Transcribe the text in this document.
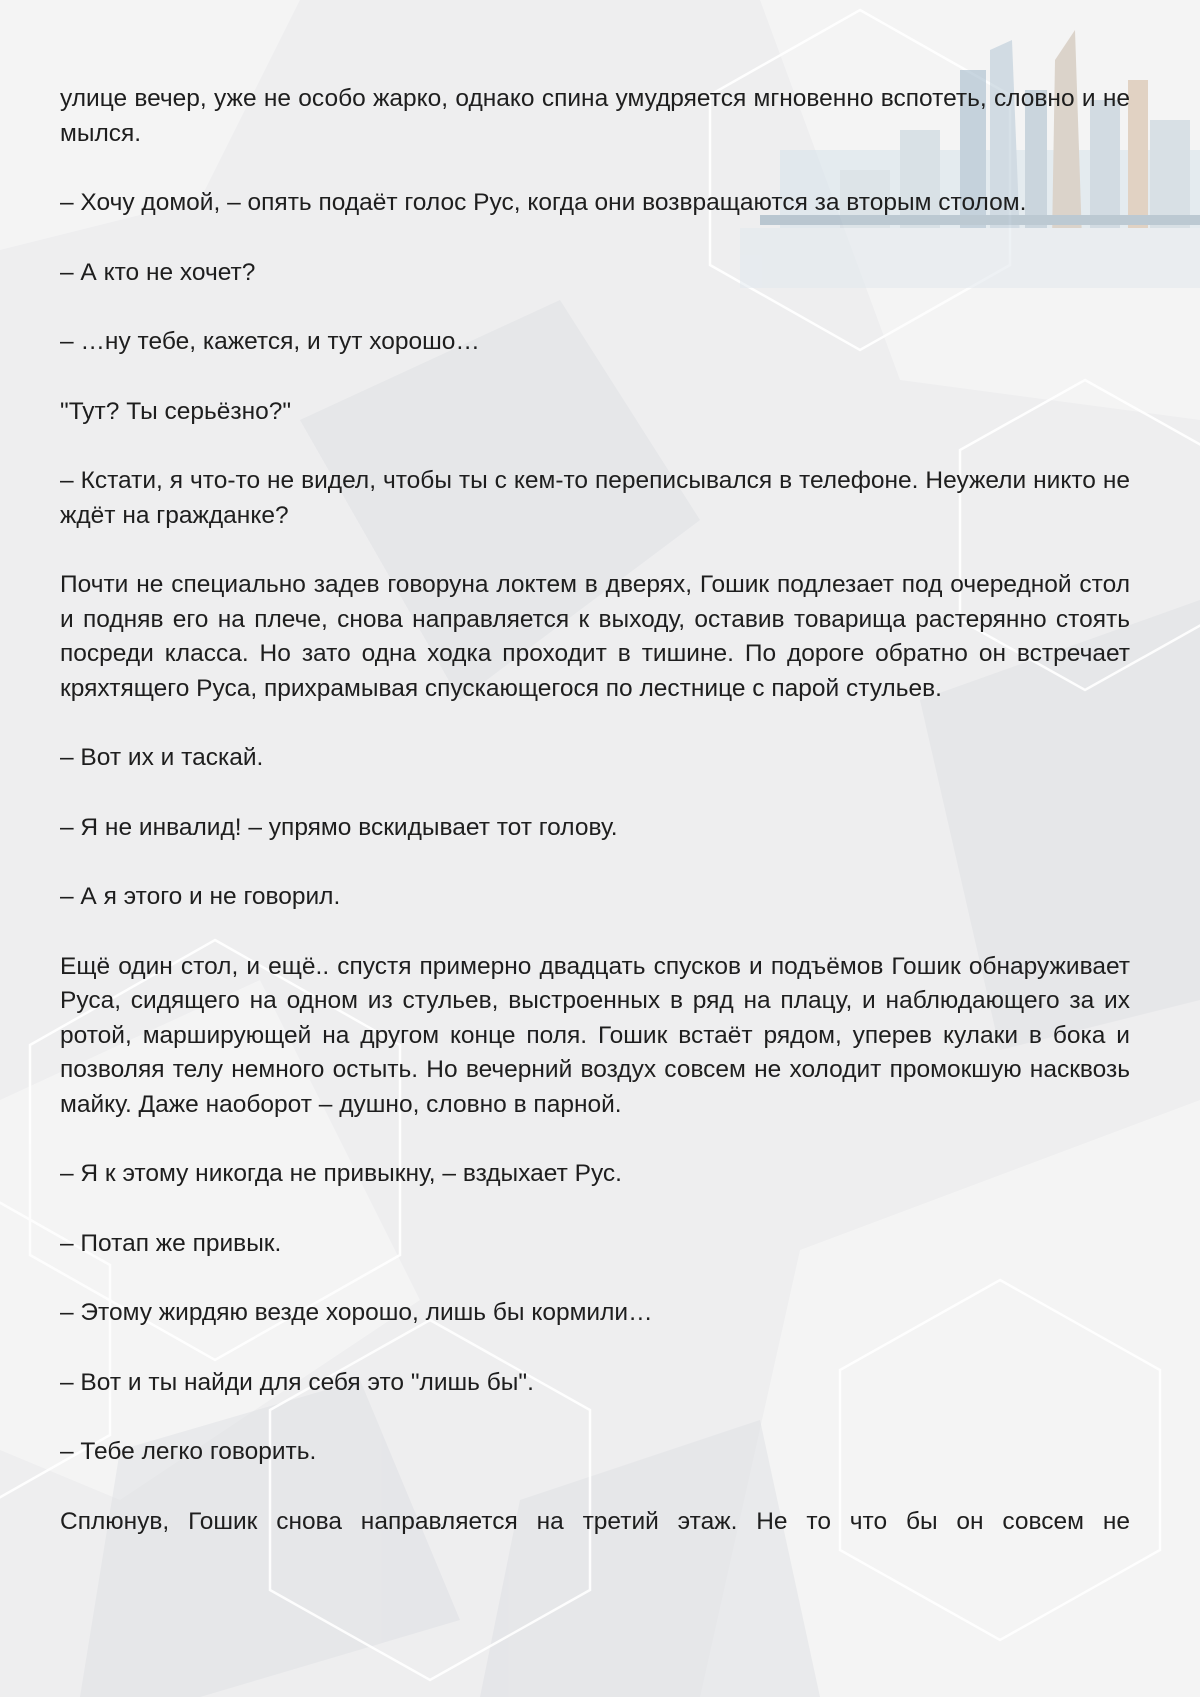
улице вечер, уже не особо жарко, однако спина умудряется мгновенно вспотеть, словно и не мылся.

– Хочу домой, – опять подаёт голос Рус, когда они возвращаются за вторым столом.

– А кто не хочет?

– …ну тебе, кажется, и тут хорошо…

"Тут? Ты серьёзно?"

– Кстати, я что-то не видел, чтобы ты с кем-то переписывался в телефоне. Неужели никто не ждёт на гражданке?

Почти не специально задев говоруна локтем в дверях, Гошик подлезает под очередной стол и подняв его на плече, снова направляется к выходу, оставив товарища растерянно стоять посреди класса. Но зато одна ходка проходит в тишине. По дороге обратно он встречает кряхтящего Руса, прихрамывая спускающегося по лестнице с парой стульев.

– Вот их и таскай.

– Я не инвалид! – упрямо вскидывает тот голову.

– А я этого и не говорил.

Ещё один стол, и ещё.. спустя примерно двадцать спусков и подъёмов Гошик обнаруживает Руса, сидящего на одном из стульев, выстроенных в ряд на плацу, и наблюдающего за их ротой, марширующей на другом конце поля. Гошик встаёт рядом, уперев кулаки в бока и позволяя телу немного остыть. Но вечерний воздух совсем не холодит промокшую насквозь майку. Даже наоборот – душно, словно в парной.

– Я к этому никогда не привыкну, – вздыхает Рус.

– Потап же привык.

– Этому жирдяю везде хорошо, лишь бы кормили…

– Вот и ты найди для себя это "лишь бы".

– Тебе легко говорить.

Сплюнув, Гошик снова направляется на третий этаж. Не то что бы он совсем не
